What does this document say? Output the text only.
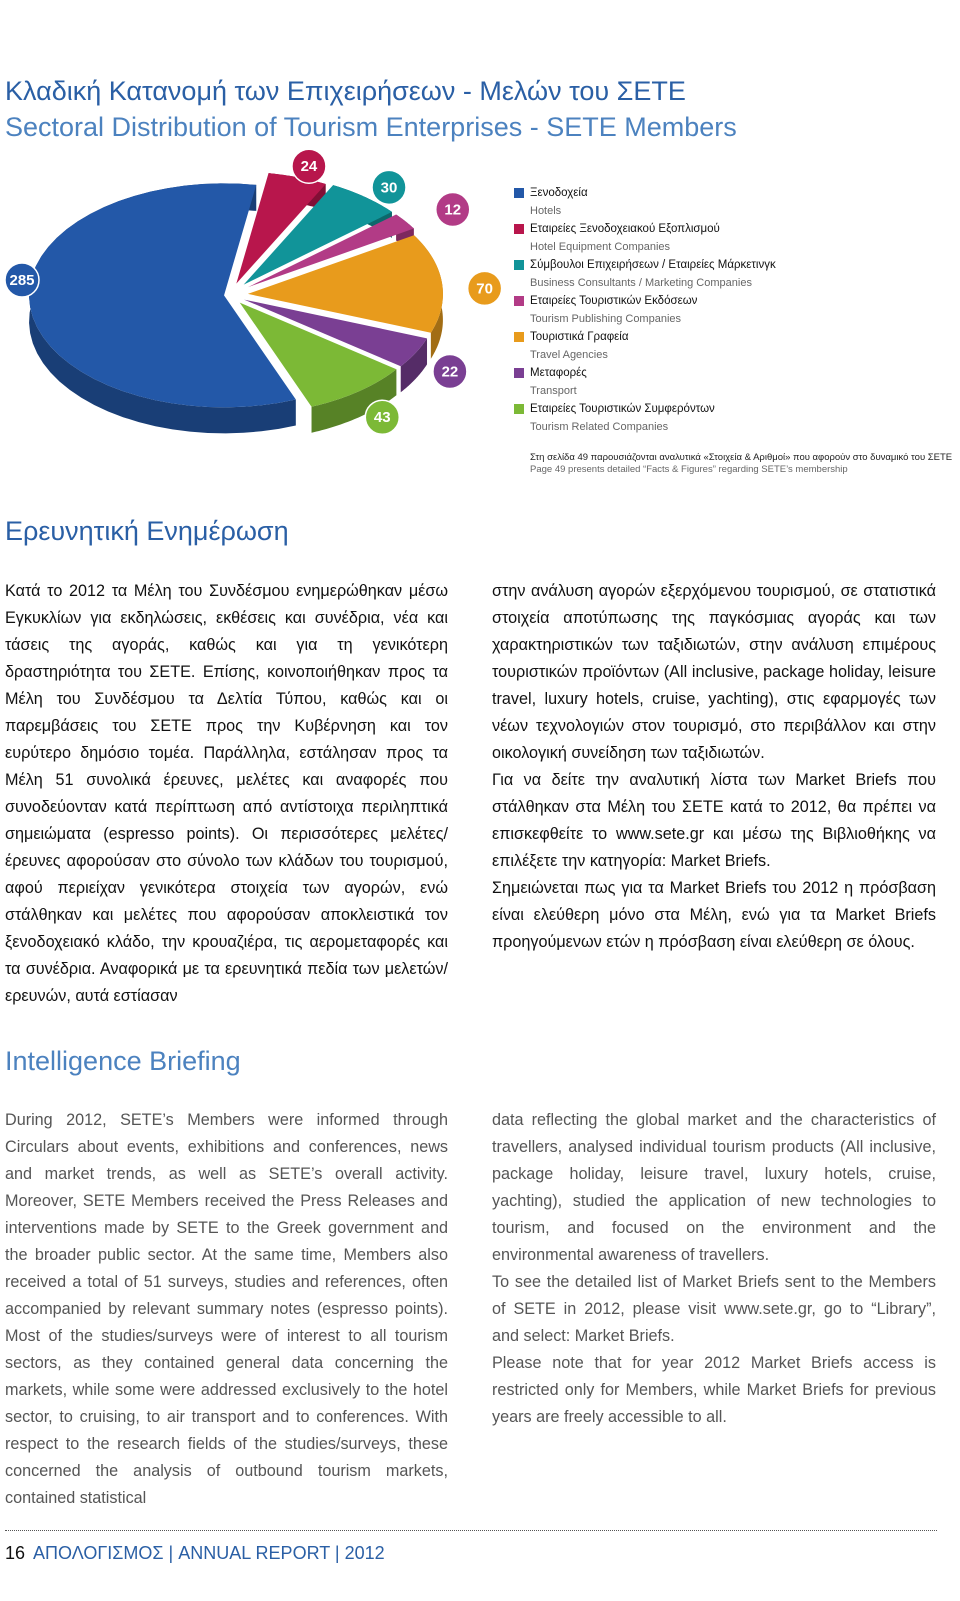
Κλαδική Κατανομή των Επιχειρήσεων - Μελών του ΣΕΤΕ
Sectoral Distribution of Tourism Enterprises - SETE Members
285
24
30
12
70
22
43
Ξενοδοχεία
Hotels
Εταιρείες Ξενοδοχειακού Εξοπλισμού
Hotel Equipment Companies
Σύμβουλοι Επιχειρήσεων / Εταιρείες Μάρκετινγκ
Business Consultants / Marketing Companies
Εταιρείες Τουριστικών Εκδόσεων
Tourism Publishing Companies
Τουριστικά Γραφεία
Travel Agencies
Μεταφορές
Transport
Εταιρείες Τουριστικών Συμφερόντων
Tourism Related Companies
Στη σελίδα 49 παρουσιάζονται αναλυτικά «Στοιχεία & Αριθμοί» που αφορούν στο δυναμικό του ΣΕΤΕ
Page 49 presents detailed “Facts & Figures” regarding SETE’s membership
Ερευνητική Ενημέρωση

Κατά το 2012 τα Μέλη του Συνδέσμου ενημερώθηκαν μέσω Εγκυκλίων για εκδηλώσεις, εκθέσεις και συνέδρια, νέα και τάσεις της αγοράς, καθώς και για τη γενικότερη δραστηριότητα του ΣΕΤΕ. Επίσης, κοινοποιήθηκαν προς τα Μέλη του Συνδέσμου τα Δελτία Τύπου, καθώς και οι παρεμβάσεις του ΣΕΤΕ προς την Κυβέρνηση και τον ευρύτερο δημόσιο τομέα. Παράλληλα, εστάλησαν προς τα Μέλη 51 συνολικά έρευνες, μελέτες και αναφορές που συνοδεύονταν κατά περίπτωση από αντίστοιχα περιληπτικά σημειώματα (espresso points). Οι περισσότερες μελέτες/έρευνες αφορούσαν στο σύνολο των κλάδων του τουρισμού, αφού περιείχαν γενικότερα στοιχεία των αγορών, ενώ στάλθηκαν και μελέτες που αφορούσαν αποκλειστικά τον ξενοδοχειακό κλάδο, την κρουαζιέρα, τις αερομεταφορές και τα συνέδρια. Αναφορικά με τα ερευνητικά πεδία των μελετών/ερευνών, αυτά εστίασαν

στην ανάλυση αγορών εξερχόμενου τουρισμού, σε στατιστικά στοιχεία αποτύπωσης της παγκόσμιας αγοράς και των χαρακτηριστικών των ταξιδιωτών, στην ανάλυση επιμέρους τουριστικών προϊόντων (All inclusive, package holiday, leisure travel, luxury hotels, cruise, yachting), στις εφαρμογές των νέων τεχνολογιών στον τουρισμό, στο περιβάλλον και στην οικολογική συνείδηση των ταξιδιωτών.

Για να δείτε την αναλυτική λίστα των Market Briefs που στάλθηκαν στα Μέλη του ΣΕΤΕ κατά το 2012, θα πρέπει να επισκεφθείτε το www.sete.gr και μέσω της Βιβλιοθήκης να επιλέξετε την κατηγορία: Market Briefs.

Σημειώνεται πως για τα Market Briefs του 2012 η πρόσβαση είναι ελεύθερη μόνο στα Μέλη, ενώ για τα Market Briefs προηγούμενων ετών η πρόσβαση είναι ελεύθερη σε όλους.

Intelligence Briefing

During 2012, SETE’s Members were informed through Circulars about events, exhibitions and conferences, news and market trends, as well as SETE’s overall activity. Moreover, SETE Members received the Press Releases and interventions made by SETE to the Greek government and the broader public sector. At the same time, Members also received a total of 51 surveys, studies and references, often accompanied by relevant summary notes (espresso points). Most of the studies/surveys were of interest to all tourism sectors, as they contained general data concerning the markets, while some were addressed exclusively to the hotel sector, to cruising, to air transport and to conferences. With respect to the research fields of the studies/surveys, these concerned the analysis of outbound tourism markets, contained statistical

data reflecting the global market and the characteristics of travellers, analysed individual tourism products (All inclusive, package holiday, leisure travel, luxury hotels, cruise, yachting), studied the application of new technologies to tourism, and focused on the environment and the environmental awareness of travellers.

To see the detailed list of Market Briefs sent to the Members of SETE in 2012, please visit www.sete.gr, go to “Library”, and select: Market Briefs.

Please note that for year 2012 Market Briefs access is restricted only for Members, while Market Briefs for previous years are freely accessible to all.

16 ΑΠΟΛΟΓΙΣΜΟΣ | ANNUAL REPORT | 2012
